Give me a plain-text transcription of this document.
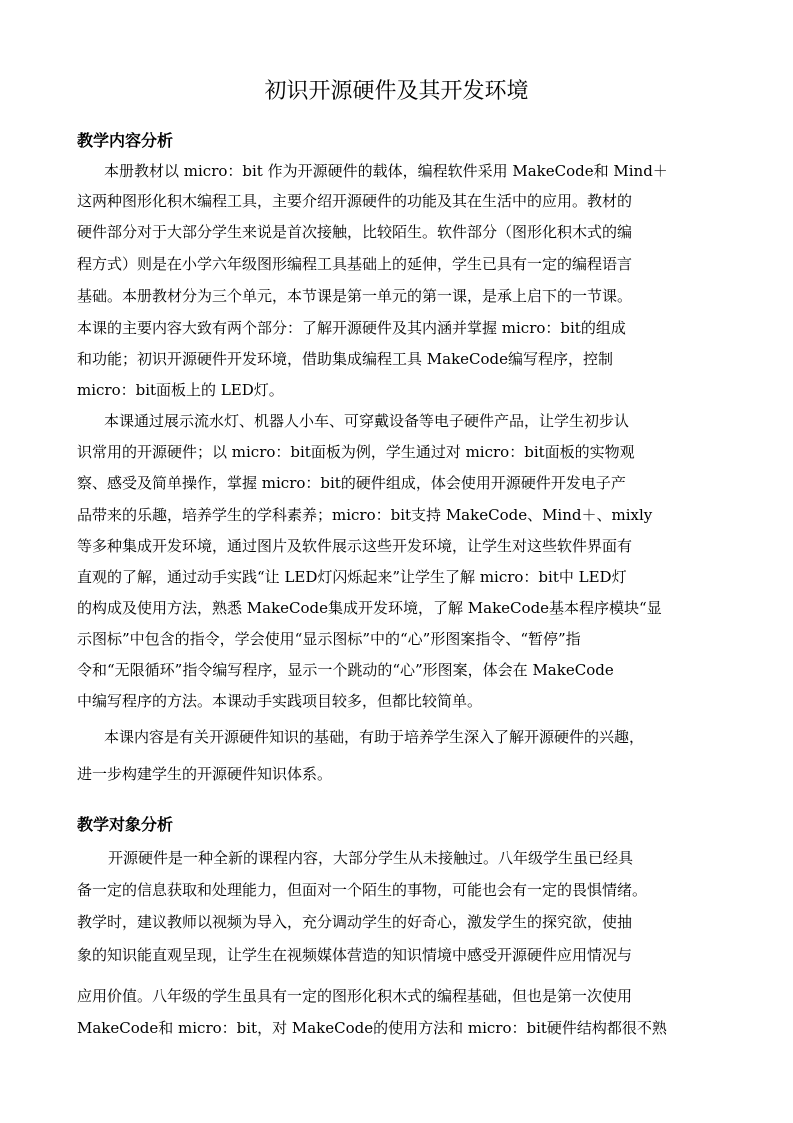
初识开源硬件及其开发环境
教学内容分析
本册教材以 micro：bit 作为开源硬件的载体，编程软件采用 MakeCode和 Mind＋
这两种图形化积木编程工具，主要介绍开源硬件的功能及其在生活中的应用。教材的
硬件部分对于大部分学生来说是首次接触，比较陌生。软件部分（图形化积木式的编
程方式）则是在小学六年级图形编程工具基础上的延伸，学生已具有一定的编程语言
基础。本册教材分为三个单元，本节课是第一单元的第一课，是承上启下的一节课。
本课的主要内容大致有两个部分：了解开源硬件及其内涵并掌握 micro：bit的组成
和功能；初识开源硬件开发环境，借助集成编程工具 MakeCode编写程序，控制
micro：bit面板上的 LED灯。
本课通过展示流水灯、机器人小车、可穿戴设备等电子硬件产品，让学生初步认
识常用的开源硬件；以 micro：bit面板为例，学生通过对 micro：bit面板的实物观
察、感受及简单操作，掌握 micro：bit的硬件组成，体会使用开源硬件开发电子产
品带来的乐趣，培养学生的学科素养；micro：bit支持 MakeCode、Mind＋、mixly
等多种集成开发环境，通过图片及软件展示这些开发环境，让学生对这些软件界面有
直观的了解，通过动手实践“让 LED灯闪烁起来”让学生了解 micro：bit中 LED灯
的构成及使用方法，熟悉 MakeCode集成开发环境，了解 MakeCode基本程序模块“显
示图标”中包含的指令，学会使用“显示图标”中的“心”形图案指令、“暂停”指
令和“无限循环”指令编写程序，显示一个跳动的“心”形图案，体会在 MakeCode
中编写程序的方法。本课动手实践项目较多，但都比较简单。
本课内容是有关开源硬件知识的基础，有助于培养学生深入了解开源硬件的兴趣，
进一步构建学生的开源硬件知识体系。
教学对象分析
开源硬件是一种全新的课程内容，大部分学生从未接触过。八年级学生虽已经具
备一定的信息获取和处理能力，但面对一个陌生的事物，可能也会有一定的畏惧情绪。
教学时，建议教师以视频为导入，充分调动学生的好奇心，激发学生的探究欲，使抽
象的知识能直观呈现，让学生在视频媒体营造的知识情境中感受开源硬件应用情况与
应用价值。八年级的学生虽具有一定的图形化积木式的编程基础，但也是第一次使用
MakeCode和 micro：bit，对 MakeCode的使用方法和 micro：bit硬件结构都很不熟
